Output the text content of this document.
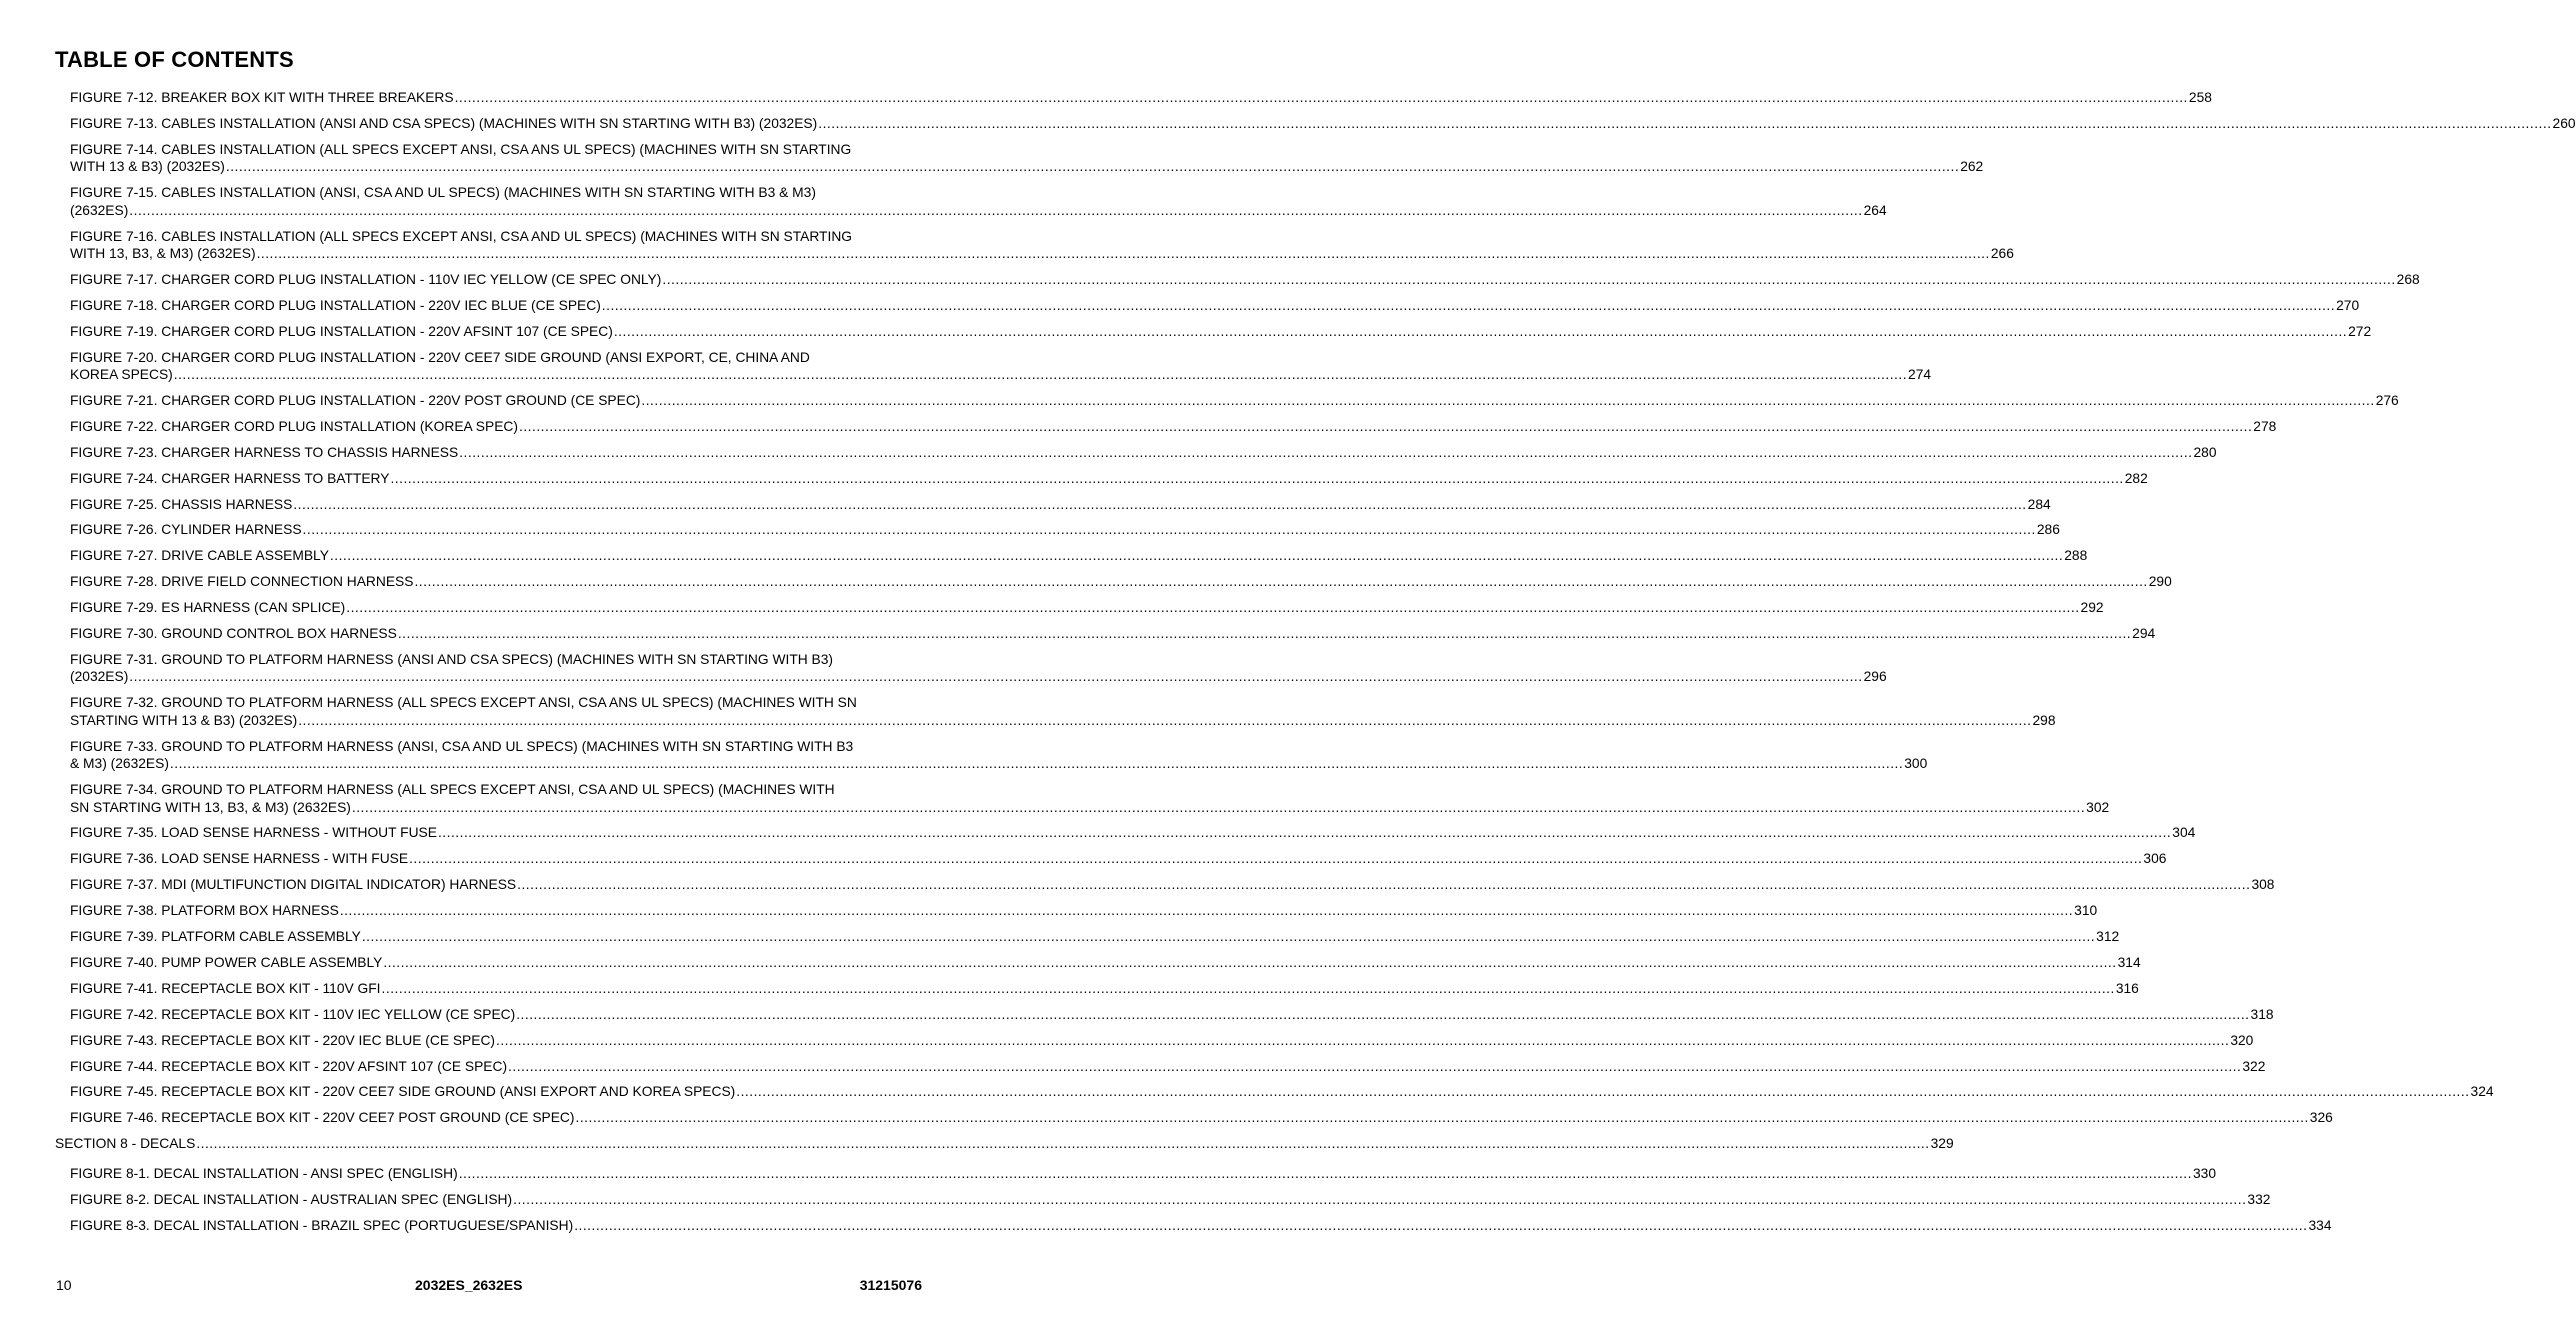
TABLE OF CONTENTS
FIGURE 7-12. BREAKER BOX KIT WITH THREE BREAKERS ................................................................................................................................................................................................................................................................................................................................................................................................................ 258
FIGURE 7-13. CABLES INSTALLATION (ANSI AND CSA SPECS) (MACHINES WITH SN STARTING WITH B3) (2032ES) ................................................................................................................................................................................................................................................................................................................................................................................................................ 260
FIGURE 7-14. CABLES INSTALLATION (ALL SPECS EXCEPT ANSI, CSA ANS UL SPECS) (MACHINES WITH SN STARTING
WITH 13 & B3) (2032ES) ................................................................................................................................................................................................................................................................................................................................................................................................................ 262
FIGURE 7-15. CABLES INSTALLATION (ANSI, CSA AND UL SPECS) (MACHINES WITH SN STARTING WITH B3 & M3)
(2632ES) ................................................................................................................................................................................................................................................................................................................................................................................................................ 264
FIGURE 7-16. CABLES INSTALLATION (ALL SPECS EXCEPT ANSI, CSA AND UL SPECS) (MACHINES WITH SN STARTING
WITH 13, B3, & M3) (2632ES) ................................................................................................................................................................................................................................................................................................................................................................................................................ 266
FIGURE 7-17. CHARGER CORD PLUG INSTALLATION - 110V IEC YELLOW (CE SPEC ONLY) ................................................................................................................................................................................................................................................................................................................................................................................................................ 268
FIGURE 7-18. CHARGER CORD PLUG INSTALLATION - 220V IEC BLUE (CE SPEC) ................................................................................................................................................................................................................................................................................................................................................................................................................ 270
FIGURE 7-19. CHARGER CORD PLUG INSTALLATION - 220V AFSINT 107 (CE SPEC) ................................................................................................................................................................................................................................................................................................................................................................................................................ 272
FIGURE 7-20. CHARGER CORD PLUG INSTALLATION - 220V CEE7 SIDE GROUND (ANSI EXPORT, CE, CHINA AND
KOREA SPECS) ................................................................................................................................................................................................................................................................................................................................................................................................................ 274
FIGURE 7-21. CHARGER CORD PLUG INSTALLATION - 220V POST GROUND (CE SPEC) ................................................................................................................................................................................................................................................................................................................................................................................................................ 276
FIGURE 7-22. CHARGER CORD PLUG INSTALLATION (KOREA SPEC) ................................................................................................................................................................................................................................................................................................................................................................................................................ 278
FIGURE 7-23. CHARGER HARNESS TO CHASSIS HARNESS ................................................................................................................................................................................................................................................................................................................................................................................................................ 280
FIGURE 7-24. CHARGER HARNESS TO BATTERY ................................................................................................................................................................................................................................................................................................................................................................................................................ 282
FIGURE 7-25. CHASSIS HARNESS ................................................................................................................................................................................................................................................................................................................................................................................................................ 284
FIGURE 7-26. CYLINDER HARNESS ................................................................................................................................................................................................................................................................................................................................................................................................................ 286
FIGURE 7-27. DRIVE CABLE ASSEMBLY ................................................................................................................................................................................................................................................................................................................................................................................................................ 288
FIGURE 7-28. DRIVE FIELD CONNECTION HARNESS ................................................................................................................................................................................................................................................................................................................................................................................................................ 290
FIGURE 7-29. ES HARNESS (CAN SPLICE) ................................................................................................................................................................................................................................................................................................................................................................................................................ 292
FIGURE 7-30. GROUND CONTROL BOX HARNESS ................................................................................................................................................................................................................................................................................................................................................................................................................ 294
FIGURE 7-31. GROUND TO PLATFORM HARNESS (ANSI AND CSA SPECS) (MACHINES WITH SN STARTING WITH B3)
(2032ES) ................................................................................................................................................................................................................................................................................................................................................................................................................ 296
FIGURE 7-32. GROUND TO PLATFORM HARNESS (ALL SPECS EXCEPT ANSI, CSA ANS UL SPECS) (MACHINES WITH SN
STARTING WITH 13 & B3) (2032ES) ................................................................................................................................................................................................................................................................................................................................................................................................................ 298
FIGURE 7-33. GROUND TO PLATFORM HARNESS (ANSI, CSA AND UL SPECS) (MACHINES WITH SN STARTING WITH B3
& M3) (2632ES) ................................................................................................................................................................................................................................................................................................................................................................................................................ 300
FIGURE 7-34. GROUND TO PLATFORM HARNESS (ALL SPECS EXCEPT ANSI, CSA AND UL SPECS) (MACHINES WITH
SN STARTING WITH 13, B3, & M3) (2632ES) ................................................................................................................................................................................................................................................................................................................................................................................................................ 302
FIGURE 7-35. LOAD SENSE HARNESS - WITHOUT FUSE ................................................................................................................................................................................................................................................................................................................................................................................................................ 304
FIGURE 7-36. LOAD SENSE HARNESS - WITH FUSE ................................................................................................................................................................................................................................................................................................................................................................................................................ 306
FIGURE 7-37. MDI (MULTIFUNCTION DIGITAL INDICATOR) HARNESS ................................................................................................................................................................................................................................................................................................................................................................................................................ 308
FIGURE 7-38. PLATFORM BOX HARNESS ................................................................................................................................................................................................................................................................................................................................................................................................................ 310
FIGURE 7-39. PLATFORM CABLE ASSEMBLY ................................................................................................................................................................................................................................................................................................................................................................................................................ 312
FIGURE 7-40. PUMP POWER CABLE ASSEMBLY ................................................................................................................................................................................................................................................................................................................................................................................................................ 314
FIGURE 7-41. RECEPTACLE BOX KIT - 110V GFI ................................................................................................................................................................................................................................................................................................................................................................................................................ 316
FIGURE 7-42. RECEPTACLE BOX KIT - 110V IEC YELLOW (CE SPEC) ................................................................................................................................................................................................................................................................................................................................................................................................................ 318
FIGURE 7-43. RECEPTACLE BOX KIT - 220V IEC BLUE (CE SPEC) ................................................................................................................................................................................................................................................................................................................................................................................................................ 320
FIGURE 7-44. RECEPTACLE BOX KIT - 220V AFSINT 107 (CE SPEC) ................................................................................................................................................................................................................................................................................................................................................................................................................ 322
FIGURE 7-45. RECEPTACLE BOX KIT - 220V CEE7 SIDE GROUND (ANSI EXPORT AND KOREA SPECS) ................................................................................................................................................................................................................................................................................................................................................................................................................ 324
FIGURE 7-46. RECEPTACLE BOX KIT - 220V CEE7 POST GROUND (CE SPEC) ................................................................................................................................................................................................................................................................................................................................................................................................................ 326
SECTION 8 - DECALS ................................................................................................................................................................................................................................................................................................................................................................................................................ 329
FIGURE 8-1. DECAL INSTALLATION - ANSI SPEC (ENGLISH) ................................................................................................................................................................................................................................................................................................................................................................................................................ 330
FIGURE 8-2. DECAL INSTALLATION - AUSTRALIAN SPEC (ENGLISH) ................................................................................................................................................................................................................................................................................................................................................................................................................ 332
FIGURE 8-3. DECAL INSTALLATION - BRAZIL SPEC (PORTUGUESE/SPANISH) ................................................................................................................................................................................................................................................................................................................................................................................................................ 334
10	2032ES_2632ES	31215076
